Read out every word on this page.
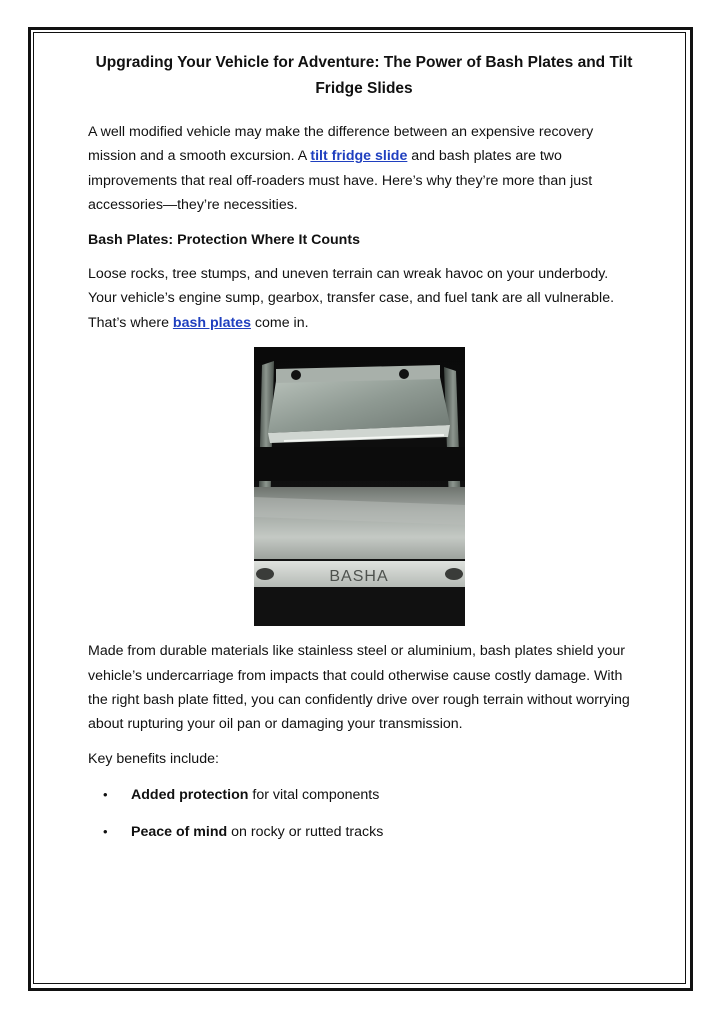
Upgrading Your Vehicle for Adventure: The Power of Bash Plates and Tilt Fridge Slides

A well modified vehicle may make the difference between an expensive recovery mission and a smooth excursion. A tilt fridge slide and bash plates are two improvements that real off-roaders must have. Here’s why they’re more than just accessories—they’re necessities.

Bash Plates: Protection Where It Counts

Loose rocks, tree stumps, and uneven terrain can wreak havoc on your underbody. Your vehicle’s engine sump, gearbox, transfer case, and fuel tank are all vulnerable. That’s where bash plates come in.

BASHA

Made from durable materials like stainless steel or aluminium, bash plates shield your vehicle’s undercarriage from impacts that could otherwise cause costly damage. With the right bash plate fitted, you can confidently drive over rough terrain without worrying about rupturing your oil pan or damaging your transmission.

Key benefits include:

• Added protection for vital components
• Peace of mind on rocky or rutted tracks
